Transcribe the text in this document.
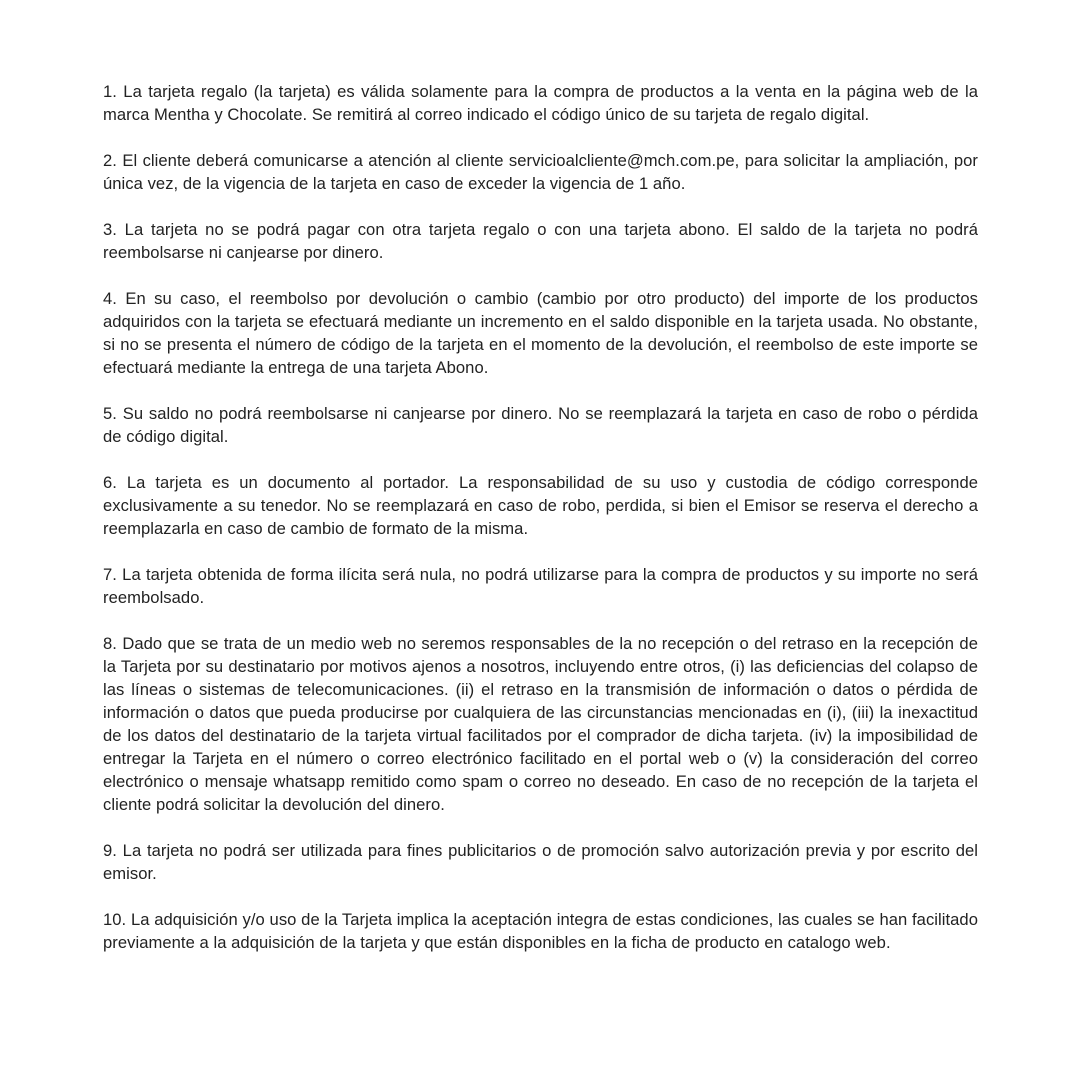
1. La tarjeta regalo (la tarjeta) es válida solamente para la compra de productos a la venta en la página web de la marca Mentha y Chocolate. Se remitirá al correo indicado el código único de su tarjeta de regalo digital.

2. El cliente deberá comunicarse a atención al cliente servicioalcliente@mch.com.pe, para solicitar la ampliación, por única vez, de la vigencia de la tarjeta en caso de exceder la vigencia de 1 año.

3. La tarjeta no se podrá pagar con otra tarjeta regalo o con una tarjeta abono. El saldo de la tarjeta no podrá reembolsarse ni canjearse por dinero.

4. En su caso, el reembolso por devolución o cambio (cambio por otro producto) del importe de los productos adquiridos con la tarjeta se efectuará mediante un incremento en el saldo disponible en la tarjeta usada. No obstante, si no se presenta el número de código de la tarjeta en el momento de la devolución, el reembolso de este importe se efectuará mediante la entrega de una tarjeta Abono.

5. Su saldo no podrá reembolsarse ni canjearse por dinero. No se reemplazará la tarjeta en caso de robo o pérdida de código digital.

6. La tarjeta es un documento al portador. La responsabilidad de su uso y custodia de código corresponde exclusivamente a su tenedor. No se reemplazará en caso de robo, perdida, si bien el Emisor se reserva el derecho a reemplazarla en caso de cambio de formato de la misma.

7. La tarjeta obtenida de forma ilícita será nula, no podrá utilizarse para la compra de productos y su importe no será reembolsado.

8. Dado que se trata de un medio web no seremos responsables de la no recepción o del retraso en la recepción de la Tarjeta por su destinatario por motivos ajenos a nosotros, incluyendo entre otros, (i) las deficiencias del colapso de las líneas o sistemas de telecomunicaciones. (ii) el retraso en la transmisión de información o datos o pérdida de información o datos que pueda producirse por cualquiera de las circunstancias mencionadas en (i), (iii) la inexactitud de los datos del destinatario de la tarjeta virtual facilitados por el comprador de dicha tarjeta. (iv) la imposibilidad de entregar la Tarjeta en el número o correo electrónico facilitado en el portal web o (v) la consideración del correo electrónico o mensaje whatsapp remitido como spam o correo no deseado. En caso de no recepción de la tarjeta el cliente podrá solicitar la devolución del dinero.

9. La tarjeta no podrá ser utilizada para fines publicitarios o de promoción salvo autorización previa y por escrito del emisor.

10. La adquisición y/o uso de la Tarjeta implica la aceptación integra de estas condiciones, las cuales se han facilitado previamente a la adquisición de la tarjeta y que están disponibles en la ficha de producto en catalogo web.
